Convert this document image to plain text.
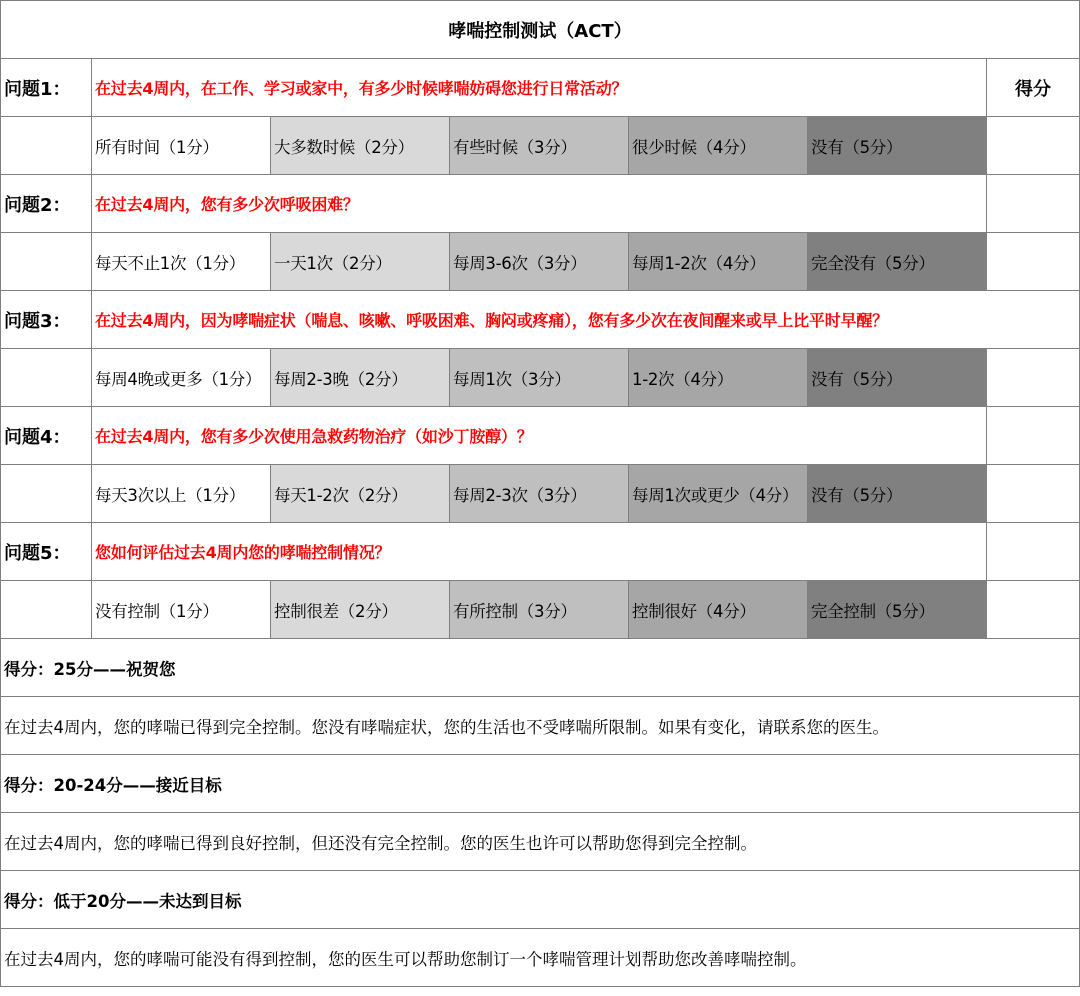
哮喘控制测试（ACT）						
问题1：	在过去4周内，在工作、学习或家中，有多少时候哮喘妨碍您进行日常活动？					得分
	所有时间（1分）	大多数时候（2分）	有些时候（3分）	很少时候（4分）	没有（5分）	
问题2：	在过去4周内，您有多少次呼吸困难？					
	每天不止1次（1分）	一天1次（2分）	每周3-6次（3分）	每周1-2次（4分）	完全没有（5分）	
问题3：	在过去4周内，因为哮喘症状（喘息、咳嗽、呼吸困难、胸闷或疼痛），您有多少次在夜间醒来或早上比平时早醒？					
	每周4晚或更多（1分）	每周2-3晚（2分）	每周1次（3分）	1-2次（4分）	没有（5分）	
问题4：	在过去4周内，您有多少次使用急救药物治疗（如沙丁胺醇）？					
	每天3次以上（1分）	每天1-2次（2分）	每周2-3次（3分）	每周1次或更少（4分）	没有（5分）	
问题5：	您如何评估过去4周内您的哮喘控制情况？					
	没有控制（1分）	控制很差（2分）	有所控制（3分）	控制很好（4分）	完全控制（5分）	
得分：25分——祝贺您						
在过去4周内，您的哮喘已得到完全控制。您没有哮喘症状，您的生活也不受哮喘所限制。如果有变化，请联系您的医生。						
得分：20-24分——接近目标						
在过去4周内，您的哮喘已得到良好控制，但还没有完全控制。您的医生也许可以帮助您得到完全控制。						
得分：低于20分——未达到目标						
在过去4周内，您的哮喘可能没有得到控制，您的医生可以帮助您制订一个哮喘管理计划帮助您改善哮喘控制。						
